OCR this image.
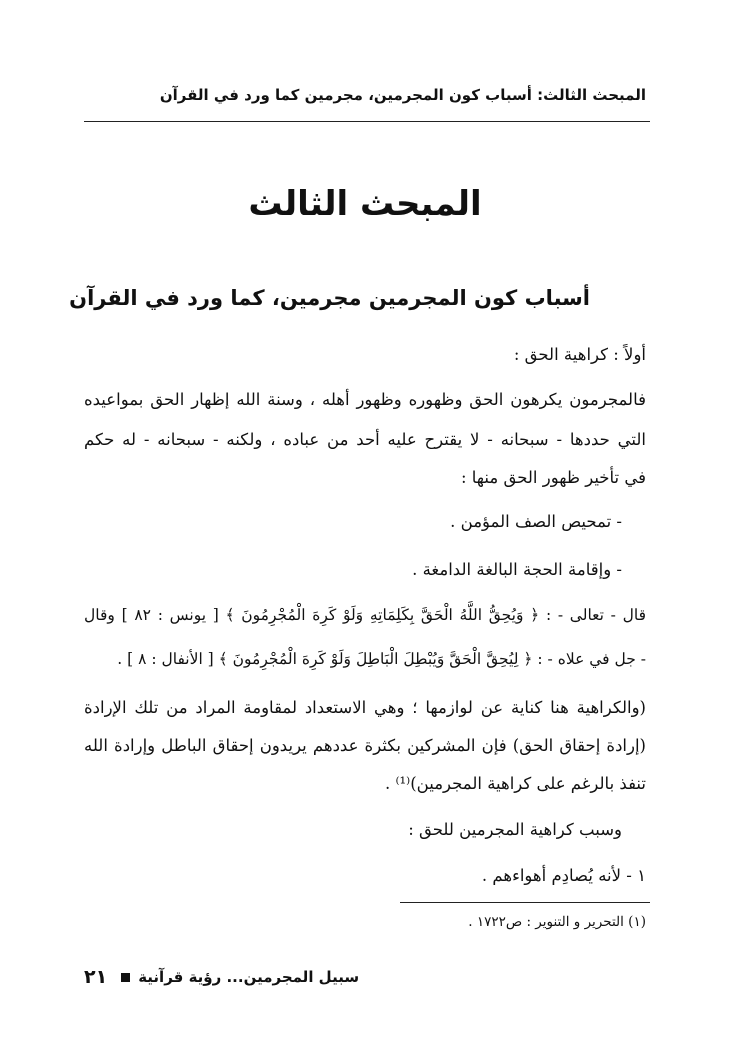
المبحث الثالث: أسباب كون المجرمين، مجرمين كما ورد في القرآن
المبحث الثالث
أسباب كون المجرمين مجرمين، كما ورد في القرآن
أولاً : كراهية الحق :
فالمجرمون يكرهون الحق وظهوره وظهور أهله ، وسنة الله إظهار الحق بمواعيده
التي حددها - سبحانه - لا يقترح عليه أحد من عباده ، ولكنه - سبحانه - له حكم
في تأخير ظهور الحق منها :
- تمحيص الصف المؤمن .
- وإقامة الحجة البالغة الدامغة .
قال - تعالى - : ﴿ وَيُحِقُّ اللَّهُ الْحَقَّ بِكَلِمَاتِهِ وَلَوْ كَرِهَ الْمُجْرِمُونَ ﴾ [ يونس : ٨٢ ] وقال
- جل في علاه - : ﴿ لِيُحِقَّ الْحَقَّ وَيُبْطِلَ الْبَاطِلَ وَلَوْ كَرِهَ الْمُجْرِمُونَ ﴾ [ الأنفال : ٨ ] .
(والكراهية هنا كناية عن لوازمها ؛ وهي الاستعداد لمقاومة المراد من تلك الإرادة
(إرادة إحقاق الحق) فإن المشركين بكثرة عددهم يريدون إحقاق الباطل وإرادة الله
تنفذ بالرغم على كراهية المجرمين)⁽¹⁾ .
وسبب كراهية المجرمين للحق :
١ - لأنه يُصادِم أهواءهم .
(١) التحرير و التنوير : ص١٧٢٢ .
٢١ سبيل المجرمين... رؤية قرآنية
